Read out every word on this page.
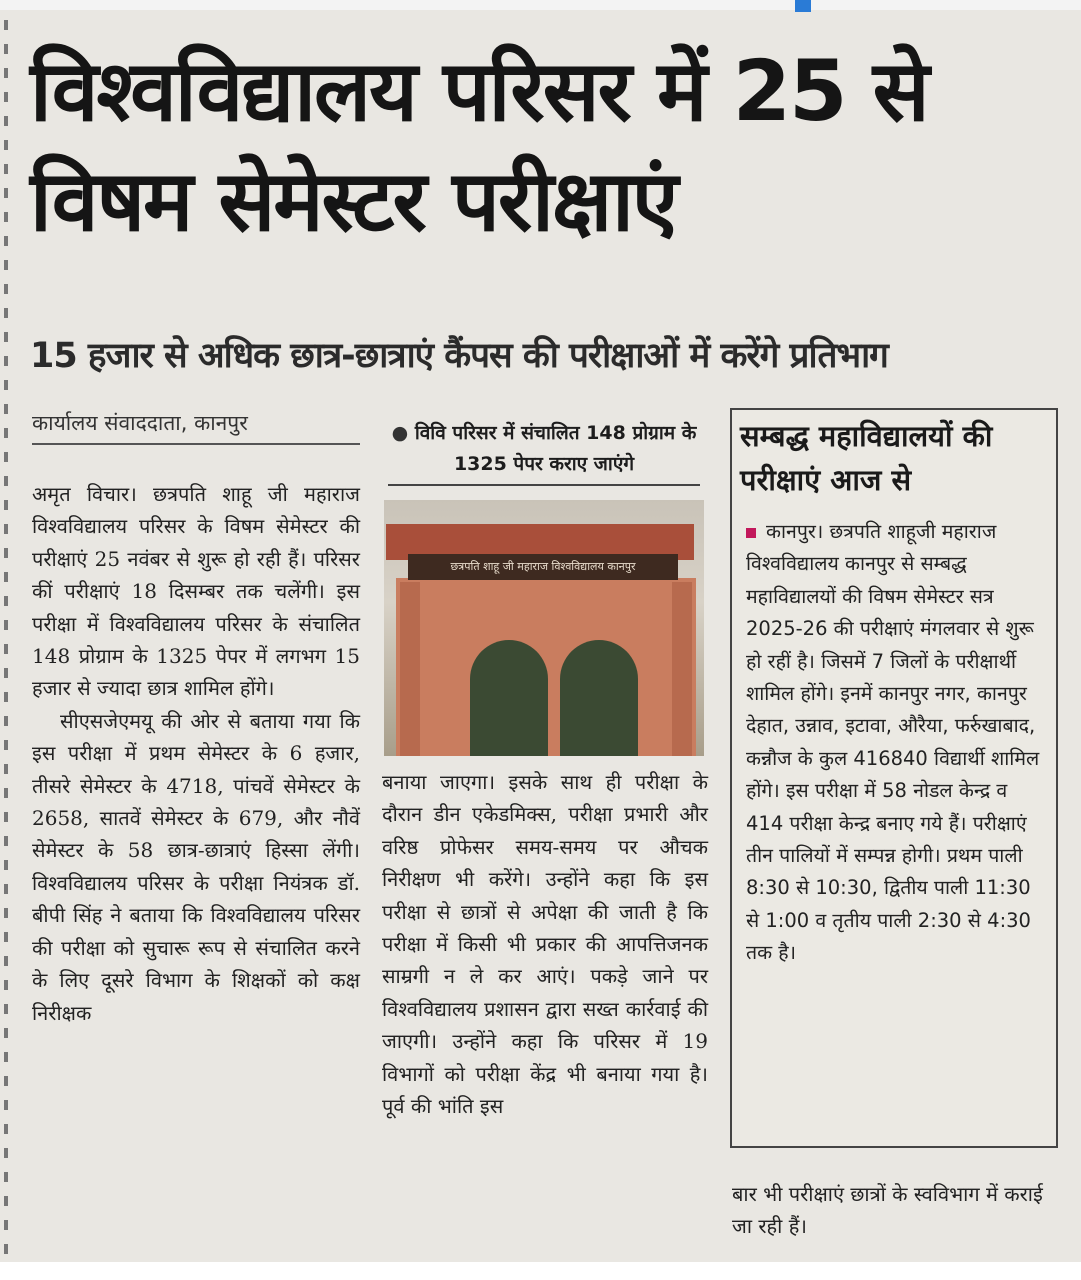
विश्वविद्यालय परिसर में 25 से विषम सेमेस्टर परीक्षाएं
15 हजार से अधिक छात्र-छात्राएं कैंपस की परीक्षाओं में करेंगे प्रतिभाग
कार्यालय संवाददाता, कानपुर

अमृत विचार। छत्रपति शाहू जी महाराज विश्वविद्यालय परिसर के विषम सेमेस्टर की परीक्षाएं 25 नवंबर से शुरू हो रही हैं। परिसर कीं परीक्षाएं 18 दिसम्बर तक चलेंगी। इस परीक्षा में विश्वविद्यालय परिसर के संचालित 148 प्रोग्राम के 1325 पेपर में लगभग 15 हजार से ज्यादा छात्र शामिल होंगे।

सीएसजेएमयू की ओर से बताया गया कि इस परीक्षा में प्रथम सेमेस्टर के 6 हजार, तीसरे सेमेस्टर के 4718, पांचवें सेमेस्टर के 2658, सातवें सेमेस्टर के 679, और नौवें सेमेस्टर के 58 छात्र-छात्राएं हिस्सा लेंगी। विश्वविद्यालय परिसर के परीक्षा नियंत्रक डॉ. बीपी सिंह ने बताया कि विश्वविद्यालय परिसर की परीक्षा को सुचारू रूप से संचालित करने के लिए दूसरे विभाग के शिक्षकों को कक्ष निरीक्षक

● विवि परिसर में संचालित 148 प्रोग्राम के 1325 पेपर कराए जाएंगे
छत्रपति शाहू जी महाराज विश्वविद्यालय कानपुर

बनाया जाएगा। इसके साथ ही परीक्षा के दौरान डीन एकेडमिक्स, परीक्षा प्रभारी और वरिष्ठ प्रोफेसर समय-समय पर औचक निरीक्षण भी करेंगे। उन्होंने कहा कि इस परीक्षा से छात्रों से अपेक्षा की जाती है कि परीक्षा में किसी भी प्रकार की आपत्तिजनक साम्रगी न ले कर आएं। पकड़े जाने पर विश्वविद्यालय प्रशासन द्वारा सख्त कार्रवाई की जाएगी। उन्होंने कहा कि परिसर में 19 विभागों को परीक्षा केंद्र भी बनाया गया है। पूर्व की भांति इस

सम्बद्ध महाविद्यालयों की परीक्षाएं आज से
कानपुर। छत्रपति शाहूजी महाराज विश्वविद्यालय कानपुर से सम्बद्ध महाविद्यालयों की विषम सेमेस्टर सत्र 2025-26 की परीक्षाएं मंगलवार से शुरू हो रहीं है। जिसमें 7 जिलों के परीक्षार्थी शामिल होंगे। इनमें कानपुर नगर, कानपुर देहात, उन्नाव, इटावा, औरैया, फर्रुखाबाद, कन्नौज के कुल 416840 विद्यार्थी शामिल होंगे। इस परीक्षा में 58 नोडल केन्द्र व 414 परीक्षा केन्द्र बनाए गये हैं। परीक्षाएं तीन पालियों में सम्पन्न होगी। प्रथम पाली 8:30 से 10:30, द्वितीय पाली 11:30 से 1:00 व तृतीय पाली 2:30 से 4:30 तक है।

बार भी परीक्षाएं छात्रों के स्वविभाग में कराई जा रही हैं।
